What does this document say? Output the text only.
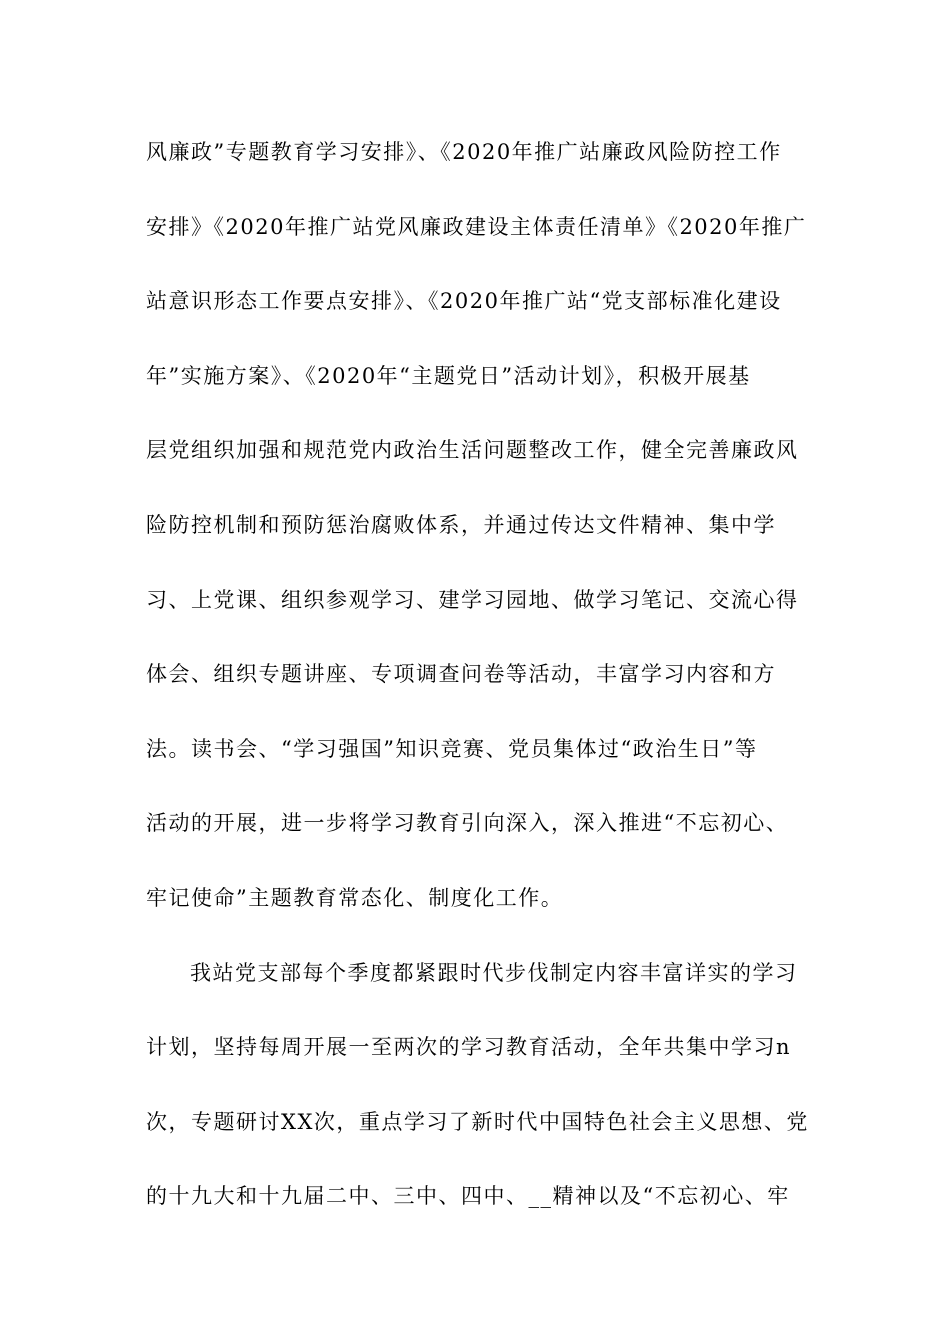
风廉政”专题教育学习安排》、《2020年推广站廉政风险防控工作
安排》《2020年推广站党风廉政建设主体责任清单》《2020年推广
站意识形态工作要点安排》、《2020年推广站“党支部标准化建设
年”实施方案》、《2020年“主题党日”活动计划》，积极开展基
层党组织加强和规范党内政治生活问题整改工作，健全完善廉政风
险防控机制和预防惩治腐败体系，并通过传达文件精神、集中学
习、上党课、组织参观学习、建学习园地、做学习笔记、交流心得
体会、组织专题讲座、专项调查问卷等活动，丰富学习内容和方
法。读书会、“学习强国”知识竞赛、党员集体过“政治生日”等
活动的开展，进一步将学习教育引向深入，深入推进“不忘初心、
牢记使命”主题教育常态化、制度化工作。
我站党支部每个季度都紧跟时代步伐制定内容丰富详实的学习
计划，坚持每周开展一至两次的学习教育活动，全年共集中学习n
次，专题研讨XX次，重点学习了新时代中国特色社会主义思想、党
的十九大和十九届二中、三中、四中、__精神以及“不忘初心、牢
